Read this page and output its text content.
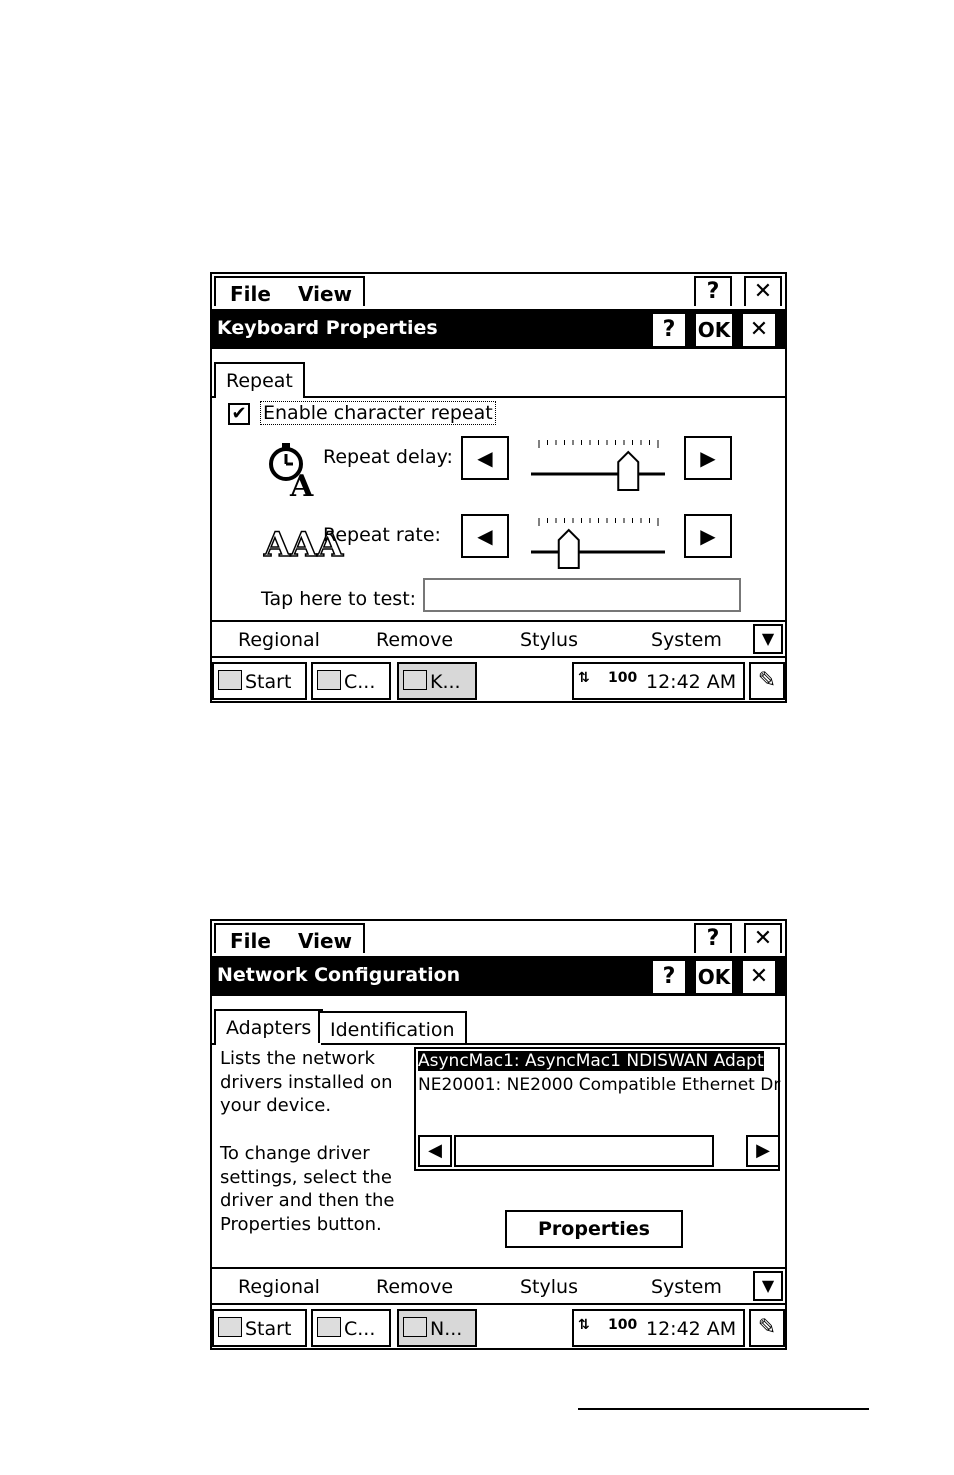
File View	?	✕
Keyboard Properties	?	OK ✕
Repeat
✔ Enable character repeat
A
Repeat delay:	◀	▶
AAA
Repeat rate:	◀	▶
Tap here to test:
Regional	Remove	Stylus	System	▼
Start	C...	K...	⇅ 100 12:42 AM ✎
File View	?	✕
Network Configuration	?	OK ✕
Adapters Identification
Lists the network
drivers installed on
your device.
To change driver
settings, select the
driver and then the
Properties button.
AsyncMac1: AsyncMac1 NDISWAN Adapt
NE20001: NE2000 Compatible Ethernet Dr
◀	▶
Properties
Regional	Remove	Stylus	System	▼
Start	C...	N...	⇅ 100 12:42 AM ✎
